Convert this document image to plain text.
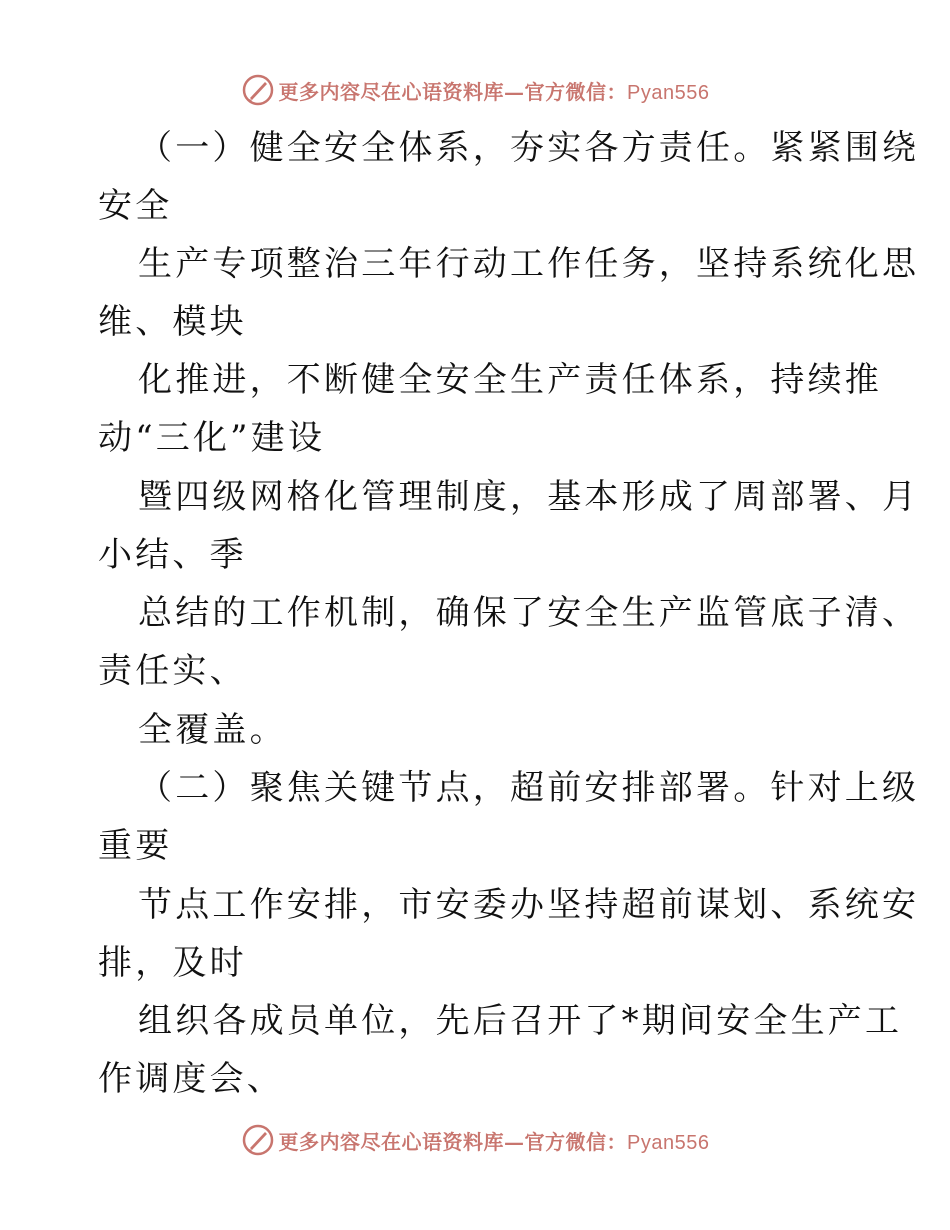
更多内容尽在心语资料库—官方微信：Pyan556
（一）健全安全体系，夯实各方责任。紧紧围绕
安全
生产专项整治三年行动工作任务，坚持系统化思
维、模块
化推进，不断健全安全生产责任体系，持续推
动“三化”建设
暨四级网格化管理制度，基本形成了周部署、月
小结、季
总结的工作机制，确保了安全生产监管底子清、
责任实、
全覆盖。
（二）聚焦关键节点，超前安排部署。针对上级
重要
节点工作安排，市安委办坚持超前谋划、系统安
排，及时
组织各成员单位，先后召开了*期间安全生产工
作调度会、
更多内容尽在心语资料库—官方微信：Pyan556
